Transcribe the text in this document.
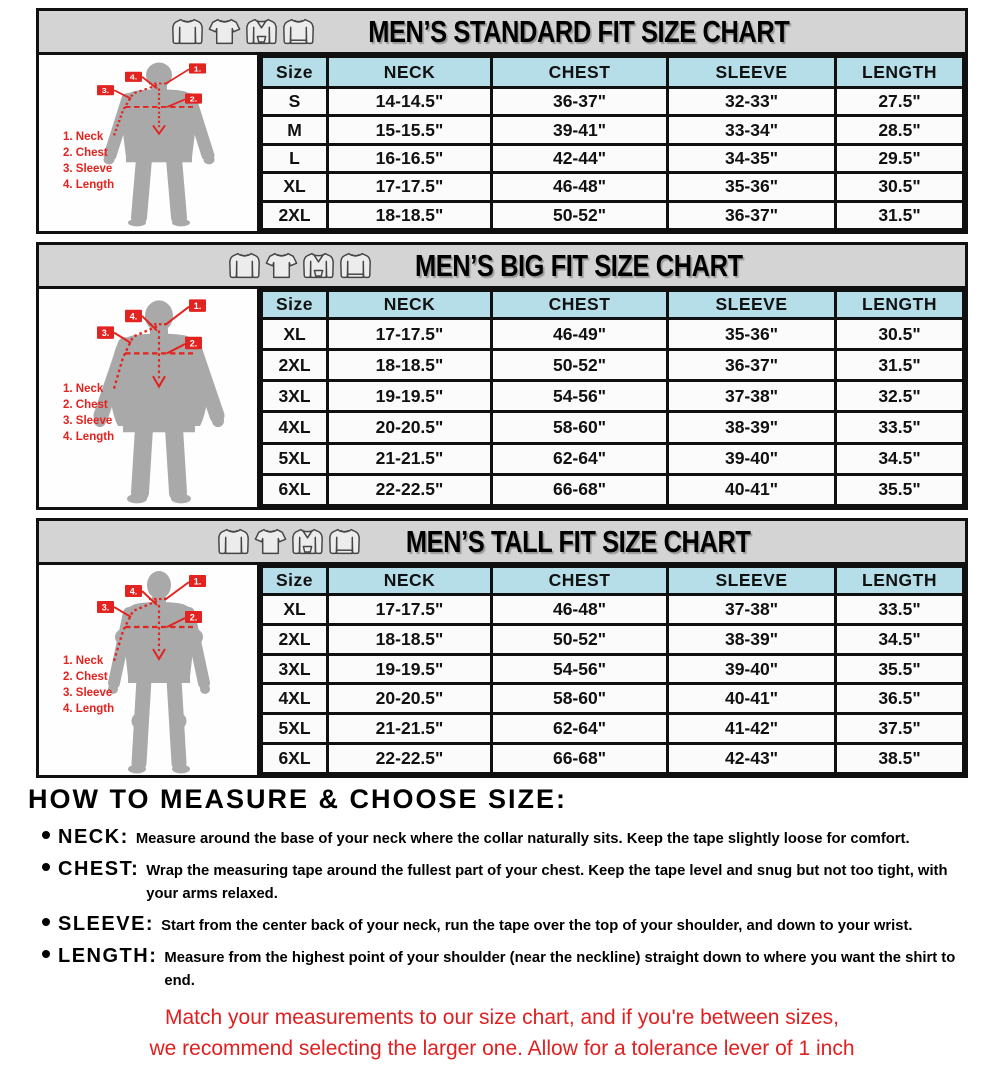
MEN’S STANDARD FIT SIZE CHART
1.
4.
3.
2.
1. Neck
2. Chest
3. Sleeve
4. Length
Size	NECK	CHEST	SLEEVE	LENGTH
S	14-14.5"	36-37"	32-33"	27.5"
M	15-15.5"	39-41"	33-34"	28.5"
L	16-16.5"	42-44"	34-35"	29.5"
XL	17-17.5"	46-48"	35-36"	30.5"
2XL	18-18.5"	50-52"	36-37"	31.5"
MEN’S BIG FIT SIZE CHART
1.
4.
3.
2.
1. Neck
2. Chest
3. Sleeve
4. Length
Size	NECK	CHEST	SLEEVE	LENGTH
XL	17-17.5"	46-49"	35-36"	30.5"
2XL	18-18.5"	50-52"	36-37"	31.5"
3XL	19-19.5"	54-56"	37-38"	32.5"
4XL	20-20.5"	58-60"	38-39"	33.5"
5XL	21-21.5"	62-64"	39-40"	34.5"
6XL	22-22.5"	66-68"	40-41"	35.5"
MEN’S TALL FIT SIZE CHART
1.
4.
3.
2.
1. Neck
2. Chest
3. Sleeve
4. Length
Size	NECK	CHEST	SLEEVE	LENGTH
XL	17-17.5"	46-48"	37-38"	33.5"
2XL	18-18.5"	50-52"	38-39"	34.5"
3XL	19-19.5"	54-56"	39-40"	35.5"
4XL	20-20.5"	58-60"	40-41"	36.5"
5XL	21-21.5"	62-64"	41-42"	37.5"
6XL	22-22.5"	66-68"	42-43"	38.5"
HOW TO MEASURE & CHOOSE SIZE:
NECK: Measure around the base of your neck where the collar naturally sits. Keep the tape slightly loose for comfort.
CHEST: Wrap the measuring tape around the fullest part of your chest. Keep the tape level and snug but not too tight, with your arms relaxed.
SLEEVE: Start from the center back of your neck, run the tape over the top of your shoulder, and down to your wrist.
LENGTH: Measure from the highest point of your shoulder (near the neckline) straight down to where you want the shirt to end.
Match your measurements to our size chart, and if you're between sizes,
we recommend selecting the larger one. Allow for a tolerance lever of 1 inch
